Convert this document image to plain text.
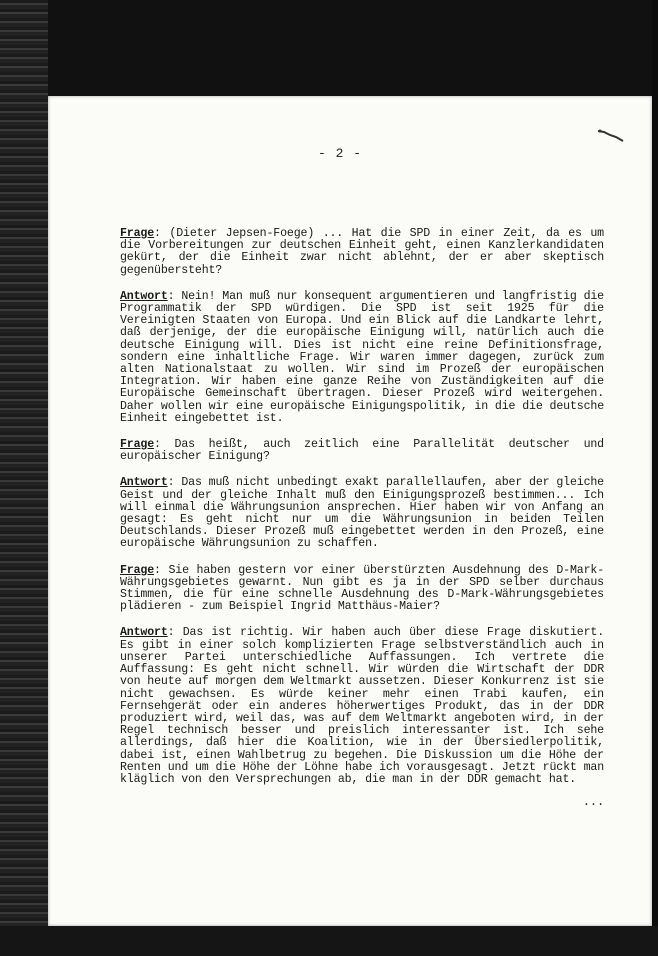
- 2 -

Frage: (Dieter Jepsen-Foege) ... Hat die SPD in einer Zeit, da es um die Vorbereitungen zur deutschen Einheit geht, einen Kanzlerkandidaten gekürt, der die Einheit zwar nicht ablehnt, der er aber skeptisch gegenübersteht?

Antwort: Nein! Man muß nur konsequent argumentieren und langfristig die Programmatik der SPD würdigen. Die SPD ist seit 1925 für die Vereinigten Staaten von Europa. Und ein Blick auf die Landkarte lehrt, daß derjenige, der die europäische Einigung will, natürlich auch die deutsche Einigung will. Dies ist nicht eine reine Definitionsfrage, sondern eine inhaltliche Frage. Wir waren immer dagegen, zurück zum alten Nationalstaat zu wollen. Wir sind im Prozeß der europäischen Integration. Wir haben eine ganze Reihe von Zuständigkeiten auf die Europäische Gemeinschaft übertragen. Dieser Prozeß wird weitergehen. Daher wollen wir eine europäische Einigungspolitik, in die die deutsche Einheit eingebettet ist.

Frage: Das heißt, auch zeitlich eine Parallelität deutscher und europäischer Einigung?

Antwort: Das muß nicht unbedingt exakt parallellaufen, aber der gleiche Geist und der gleiche Inhalt muß den Einigungsprozeß bestimmen... Ich will einmal die Währungsunion ansprechen. Hier haben wir von Anfang an gesagt: Es geht nicht nur um die Währungsunion in beiden Teilen Deutschlands. Dieser Prozeß muß eingebettet werden in den Prozeß, eine europäische Währungsunion zu schaffen.

Frage: Sie haben gestern vor einer überstürzten Ausdehnung des D-Mark-Währungsgebietes gewarnt. Nun gibt es ja in der SPD selber durchaus Stimmen, die für eine schnelle Ausdehnung des D-Mark-Währungsgebietes plädieren - zum Beispiel Ingrid Matthäus-Maier?

Antwort: Das ist richtig. Wir haben auch über diese Frage diskutiert. Es gibt in einer solch komplizierten Frage selbstverständlich auch in unserer Partei unterschiedliche Auffassungen. Ich vertrete die Auffassung: Es geht nicht schnell. Wir würden die Wirtschaft der DDR von heute auf morgen dem Weltmarkt aussetzen. Dieser Konkurrenz ist sie nicht gewachsen. Es würde keiner mehr einen Trabi kaufen, ein Fernsehgerät oder ein anderes höherwertiges Produkt, das in der DDR produziert wird, weil das, was auf dem Weltmarkt angeboten wird, in der Regel technisch besser und preislich interessanter ist. Ich sehe allerdings, daß hier die Koalition, wie in der Übersiedlerpolitik, dabei ist, einen Wahlbetrug zu begehen. Die Diskussion um die Höhe der Renten und um die Höhe der Löhne habe ich vorausgesagt. Jetzt rückt man kläglich von den Versprechungen ab, die man in der DDR gemacht hat.

...
